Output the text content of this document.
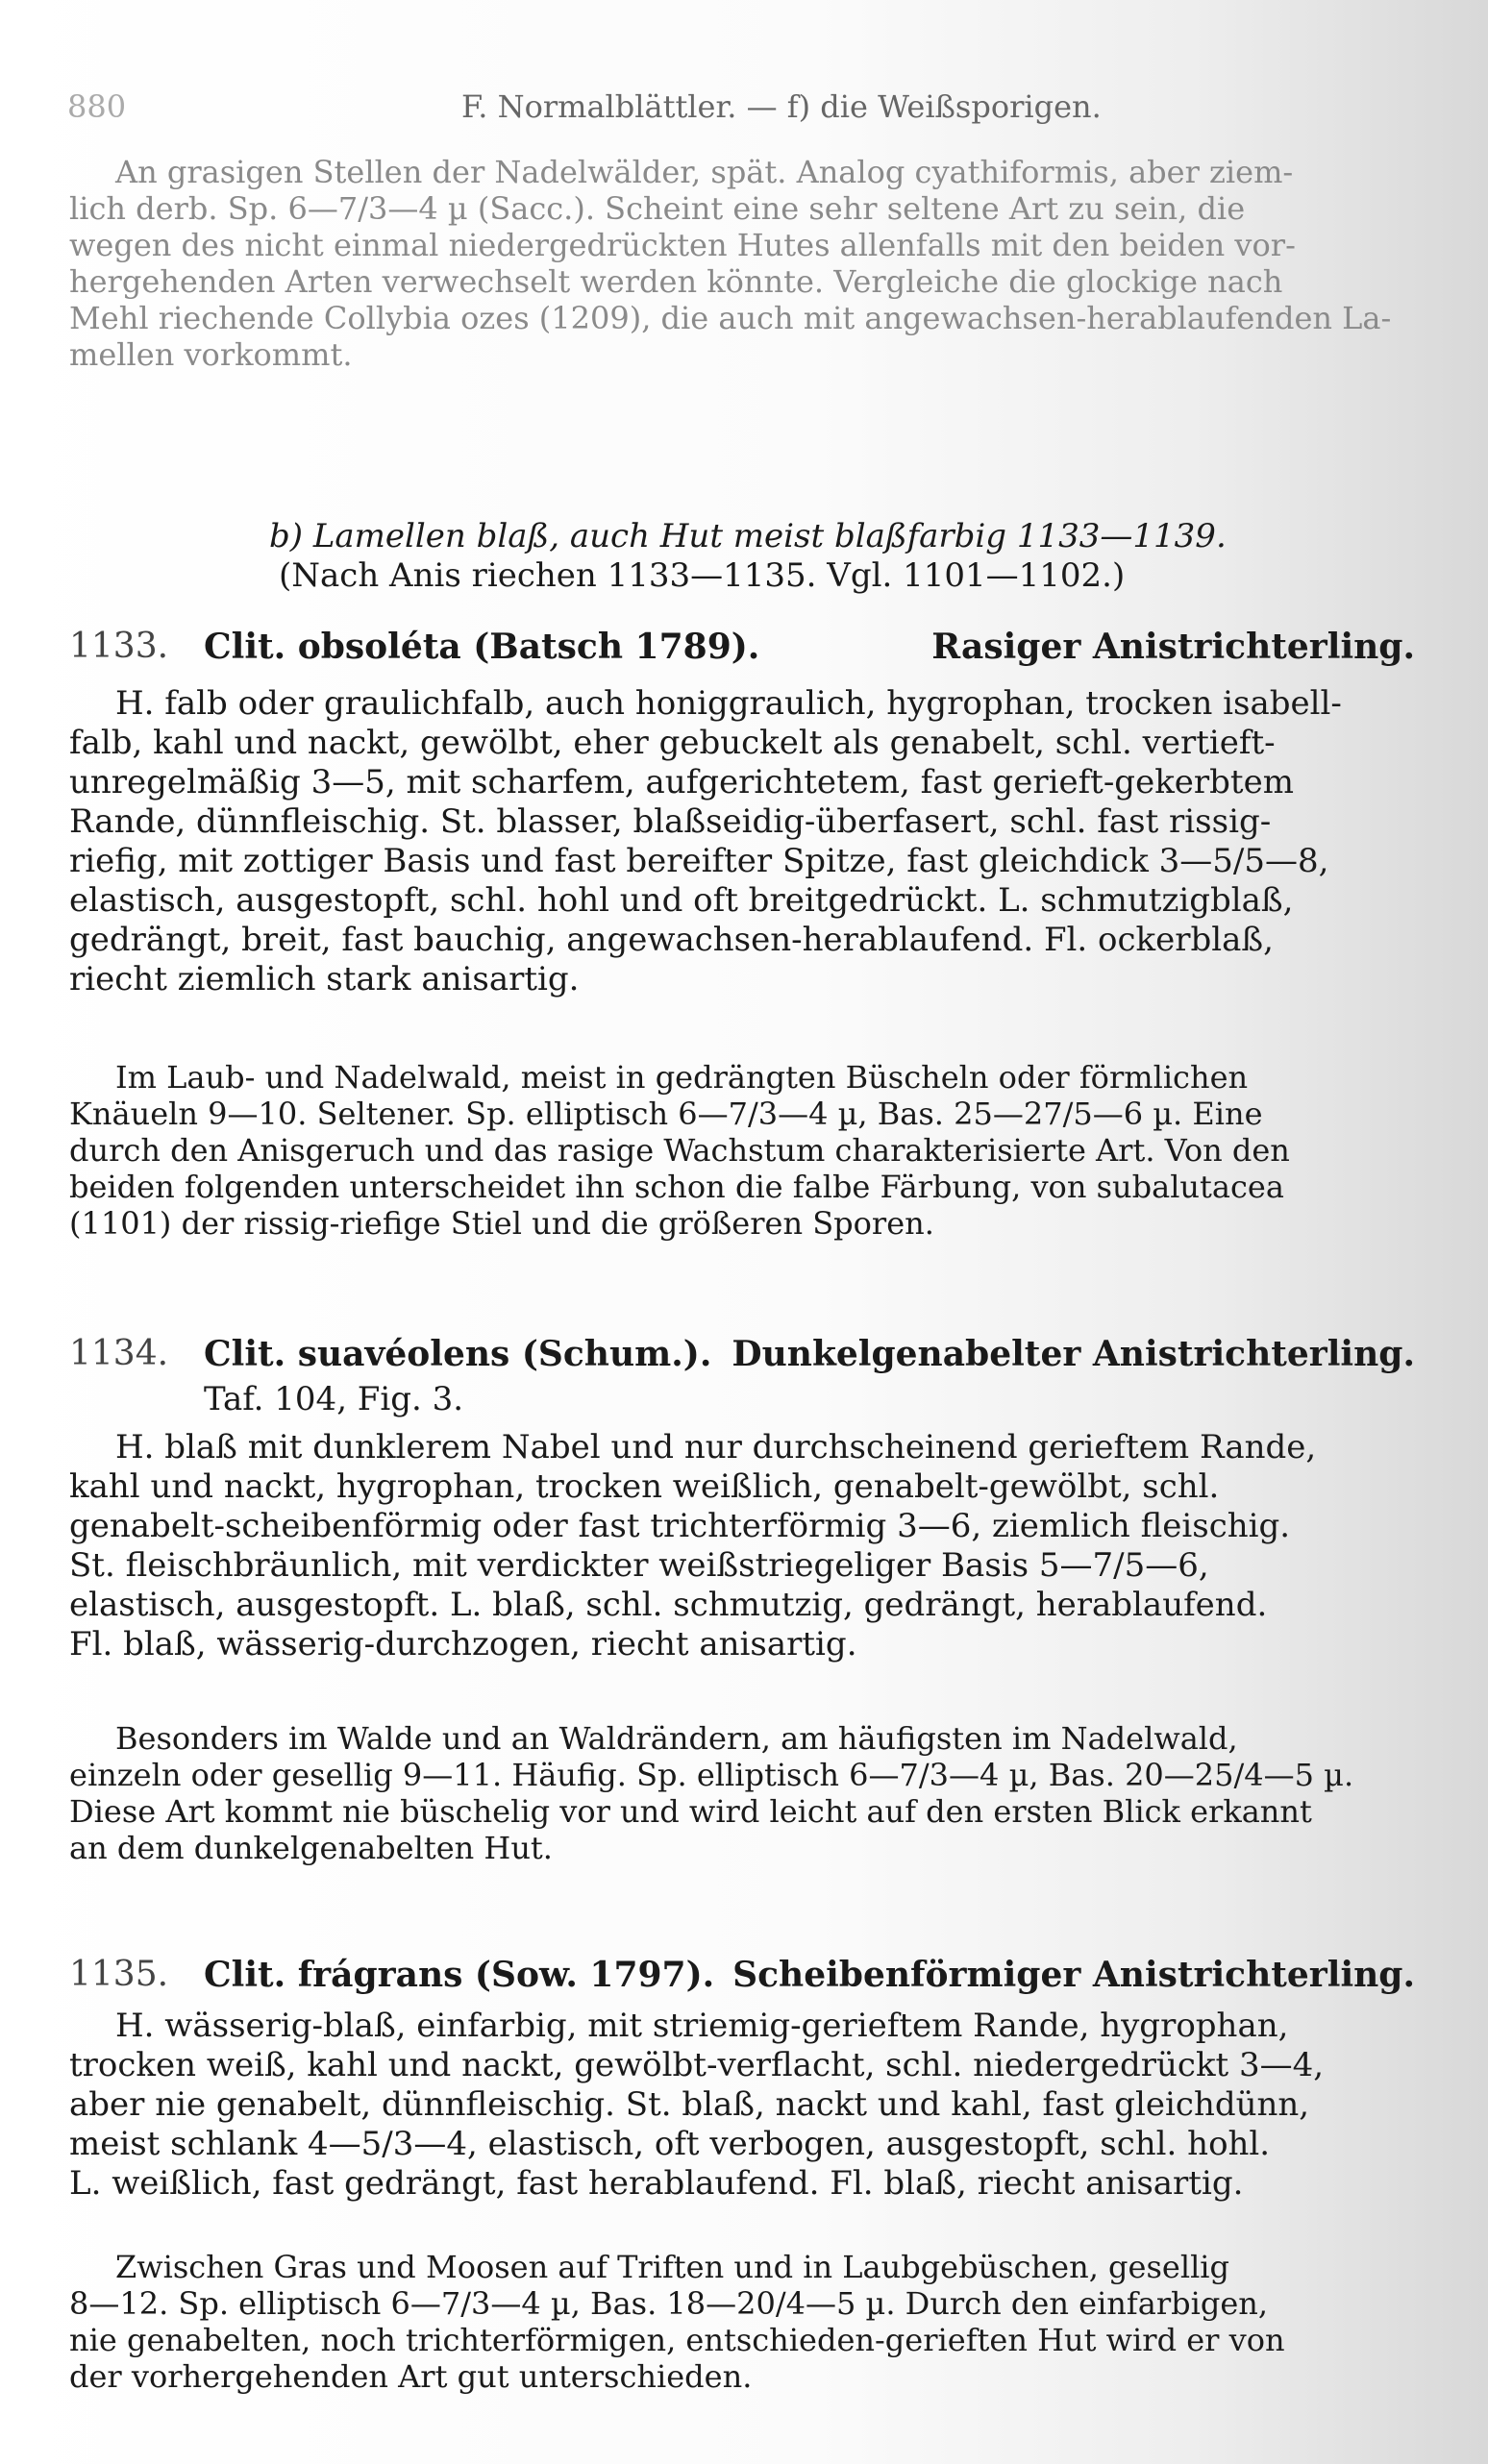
880	F. Normalblättler. — f) die Weißsporigen.
An grasigen Stellen der Nadelwälder, spät. Analog cyathiformis, aber ziem-
lich derb. Sp. 6—7/3—4 µ (Sacc.). Scheint eine sehr seltene Art zu sein, die
wegen des nicht einmal niedergedrückten Hutes allenfalls mit den beiden vor-
hergehenden Arten verwechselt werden könnte. Vergleiche die glockige nach
Mehl riechende Collybia ozes (1209), die auch mit angewachsen-herablaufenden La-
mellen vorkommt.
b) Lamellen blaß, auch Hut meist blaßfarbig 1133—1139.
(Nach Anis riechen 1133—1135. Vgl. 1101—1102.)
1133. Clit. obsoléta (Batsch 1789).	Rasiger Anistrichterling.
H. falb oder graulichfalb, auch honiggraulich, hygrophan, trocken isabell-
falb, kahl und nackt, gewölbt, eher gebuckelt als genabelt, schl. vertieft-
unregelmäßig 3—5, mit scharfem, aufgerichtetem, fast gerieft-gekerbtem
Rande, dünnfleischig. St. blasser, blaßseidig-überfasert, schl. fast rissig-
riefig, mit zottiger Basis und fast bereifter Spitze, fast gleichdick 3—5/5—8,
elastisch, ausgestopft, schl. hohl und oft breitgedrückt. L. schmutzigblaß,
gedrängt, breit, fast bauchig, angewachsen-herablaufend. Fl. ockerblaß,
riecht ziemlich stark anisartig.
Im Laub- und Nadelwald, meist in gedrängten Büscheln oder förmlichen
Knäueln 9—10. Seltener. Sp. elliptisch 6—7/3—4 µ, Bas. 25—27/5—6 µ. Eine
durch den Anisgeruch und das rasige Wachstum charakterisierte Art. Von den
beiden folgenden unterscheidet ihn schon die falbe Färbung, von subalutacea
(1101) der rissig-riefige Stiel und die größeren Sporen.
1134. Clit. suavéolens (Schum.). Dunkelgenabelter Anistrichterling.
Taf. 104, Fig. 3.
H. blaß mit dunklerem Nabel und nur durchscheinend gerieftem Rande,
kahl und nackt, hygrophan, trocken weißlich, genabelt-gewölbt, schl.
genabelt-scheibenförmig oder fast trichterförmig 3—6, ziemlich fleischig.
St. fleischbräunlich, mit verdickter weißstriegeliger Basis 5—7/5—6,
elastisch, ausgestopft. L. blaß, schl. schmutzig, gedrängt, herablaufend.
Fl. blaß, wässerig-durchzogen, riecht anisartig.
Besonders im Walde und an Waldrändern, am häufigsten im Nadelwald,
einzeln oder gesellig 9—11. Häufig. Sp. elliptisch 6—7/3—4 µ, Bas. 20—25/4—5 µ.
Diese Art kommt nie büschelig vor und wird leicht auf den ersten Blick erkannt
an dem dunkelgenabelten Hut.
1135. Clit. frágrans (Sow. 1797). Scheibenförmiger Anistrichterling.
H. wässerig-blaß, einfarbig, mit striemig-gerieftem Rande, hygrophan,
trocken weiß, kahl und nackt, gewölbt-verflacht, schl. niedergedrückt 3—4,
aber nie genabelt, dünnfleischig. St. blaß, nackt und kahl, fast gleichdünn,
meist schlank 4—5/3—4, elastisch, oft verbogen, ausgestopft, schl. hohl.
L. weißlich, fast gedrängt, fast herablaufend. Fl. blaß, riecht anisartig.
Zwischen Gras und Moosen auf Triften und in Laubgebüschen, gesellig
8—12. Sp. elliptisch 6—7/3—4 µ, Bas. 18—20/4—5 µ. Durch den einfarbigen,
nie genabelten, noch trichterförmigen, entschieden-gerieften Hut wird er von
der vorhergehenden Art gut unterschieden.
